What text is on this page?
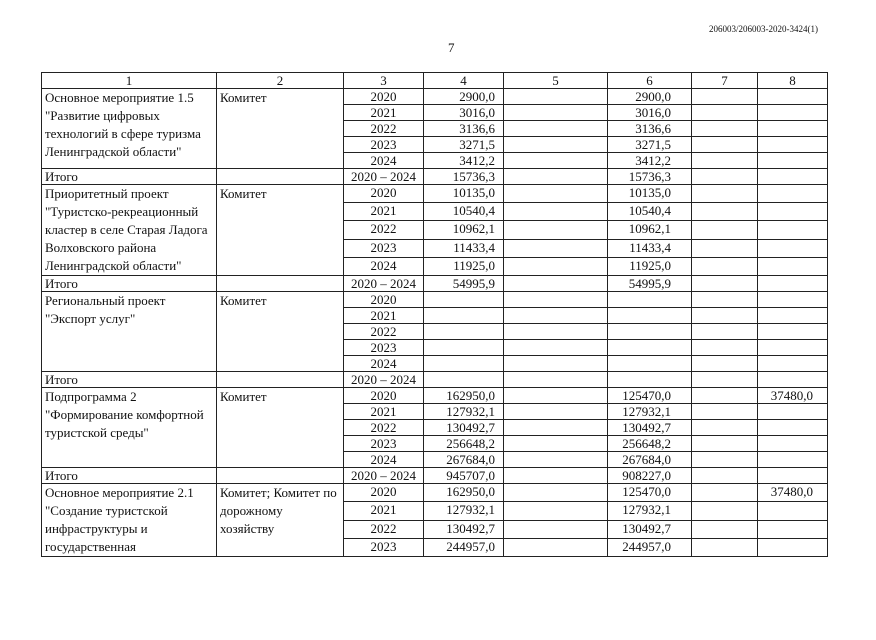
206003/206003-2020-3424(1)
7
1	2	3	4	5	6	7	8
Основное мероприятие 1.5 "Развитие цифровых технологий в сфере туризма Ленинградской области"	Комитет	2020	2900,0		2900,0		
		2021	3016,0		3016,0		
		2022	3136,6		3136,6		
		2023	3271,5		3271,5		
		2024	3412,2		3412,2		
Итого		2020 – 2024	15736,3		15736,3		
Приоритетный проект "Туристско-рекреационный кластер в селе Старая Ладога Волховского района Ленинградской области"	Комитет	2020	10135,0		10135,0		
		2021	10540,4		10540,4		
		2022	10962,1		10962,1		
		2023	11433,4		11433,4		
		2024	11925,0		11925,0		
Итого		2020 – 2024	54995,9		54995,9		
Региональный проект "Экспорт услуг"	Комитет	2020					
		2021					
		2022					
		2023					
		2024					
Итого		2020 – 2024					
Подпрограмма 2 "Формирование комфортной туристской среды"	Комитет	2020	162950,0		125470,0		37480,0
		2021	127932,1		127932,1		
		2022	130492,7		130492,7		
		2023	256648,2		256648,2		
		2024	267684,0		267684,0		
Итого		2020 – 2024	945707,0		908227,0		
Основное мероприятие 2.1 "Создание туристской инфраструктуры и государственная	Комитет; Комитет по дорожному хозяйству	2020	162950,0		125470,0		37480,0
		2021	127932,1		127932,1		
		2022	130492,7		130492,7		
		2023	244957,0		244957,0		
